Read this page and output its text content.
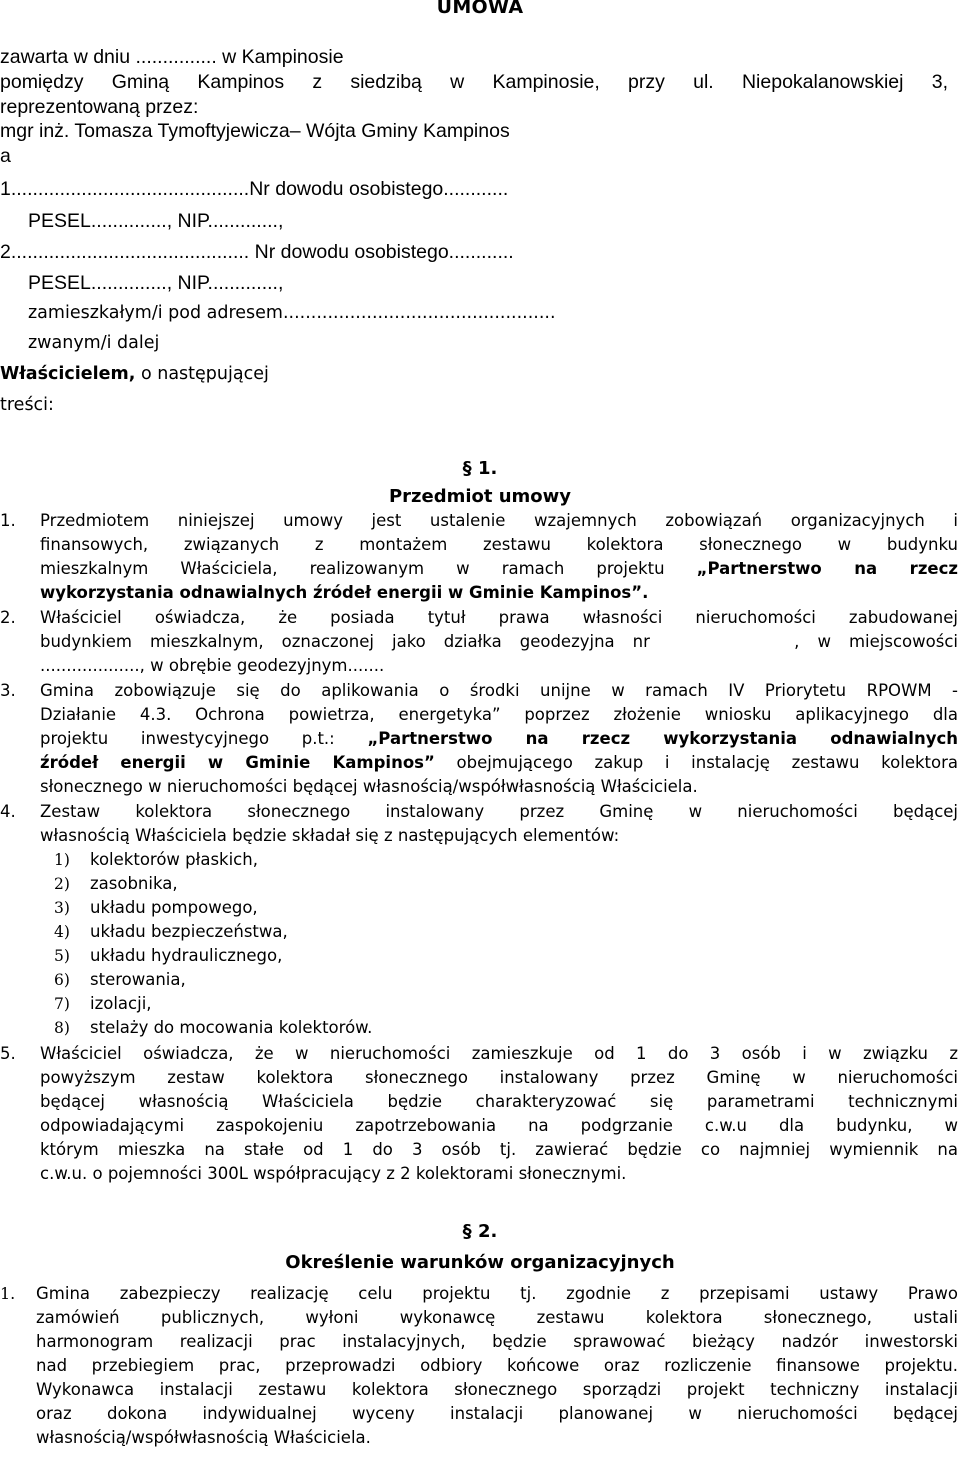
UMOWA
zawarta w dniu ............... w Kampinosie
pomiędzy Gminą Kampinos z siedzibą w Kampinosie, przy ul. Niepokalanowskiej 3,
reprezentowaną przez:
mgr inż. Tomasza Tymoftyjewicza– Wójta Gminy Kampinos
a
1............................................Nr dowodu osobistego............
PESEL.............., NIP.............,
2............................................ Nr dowodu osobistego............
PESEL.............., NIP.............,
zamieszkałym/i pod adresem.................................................
zwanym/i dalej
Właścicielem, o następującej
treści:
§ 1.
Przedmiot umowy
1. Przedmiotem niniejszej umowy jest ustalenie wzajemnych zobowiązań organizacyjnych i
finansowych, związanych z montażem zestawu kolektora słonecznego w budynku
mieszkalnym Właściciela, realizowanym w ramach projektu „Partnerstwo na rzecz
wykorzystania odnawialnych źródeł energii w Gminie Kampinos”.
2. Właściciel oświadcza, że posiada tytuł prawa własności nieruchomości zabudowanej
budynkiem mieszkalnym, oznaczonej jako działka geodezyjna nr        , w miejscowości
..................., w obrębie geodezyjnym.......
3. Gmina zobowiązuje się do aplikowania o środki unijne w ramach IV Priorytetu RPOWM -
Działanie 4.3. Ochrona powietrza, energetyka” poprzez złożenie wniosku aplikacyjnego dla
projektu inwestycyjnego p.t.: „Partnerstwo na rzecz wykorzystania odnawialnych
źródeł energii w Gminie Kampinos” obejmującego zakup i instalację zestawu kolektora
słonecznego w nieruchomości będącej własnością/współwłasnością Właściciela.
4. Zestaw kolektora słonecznego instalowany przez Gminę w nieruchomości będącej
własnością Właściciela będzie składał się z następujących elementów:
1) kolektorów płaskich,
2) zasobnika,
3) układu pompowego,
4) układu bezpieczeństwa,
5) układu hydraulicznego,
6) sterowania,
7) izolacji,
8) stelaży do mocowania kolektorów.
5. Właściciel oświadcza, że w nieruchomości zamieszkuje od 1 do 3 osób i w związku z
powyższym zestaw kolektora słonecznego instalowany przez Gminę w nieruchomości
będącej własnością Właściciela będzie charakteryzować się parametrami technicznymi
odpowiadającymi zaspokojeniu zapotrzebowania na podgrzanie c.w.u dla budynku, w
którym mieszka na stałe od 1 do 3 osób tj. zawierać będzie co najmniej wymiennik na
c.w.u. o pojemności 300L współpracujący z 2 kolektorami słonecznymi.
§ 2.
Określenie warunków organizacyjnych
1. Gmina zabezpieczy realizację celu projektu tj. zgodnie z przepisami ustawy Prawo
zamówień publicznych, wyłoni wykonawcę zestawu kolektora słonecznego, ustali
harmonogram realizacji prac instalacyjnych, będzie sprawować bieżący nadzór inwestorski
nad przebiegiem prac, przeprowadzi odbiory końcowe oraz rozliczenie finansowe projektu.
Wykonawca instalacji zestawu kolektora słonecznego sporządzi projekt techniczny instalacji
oraz dokona indywidualnej wyceny instalacji planowanej w nieruchomości będącej
własnością/współwłasnością Właściciela.
